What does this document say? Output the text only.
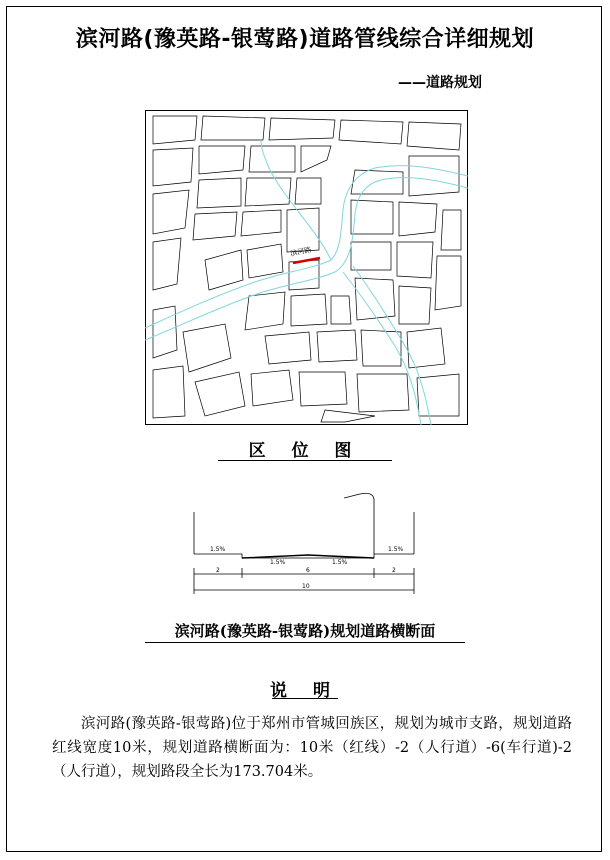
滨河路(豫英路-银莺路)道路管线综合详细规划
——道路规划
滨河路
区 位 图
1.5%
1.5%	1.5%
1.5%
2	6	2
10
滨河路(豫英路-银莺路)规划道路横断面
说 明
滨河路(豫英路-银莺路)位于郑州市管城回族区，规划为城市支路，规划道路红线宽度10米，规划道路横断面为：10米（红线）-2（人行道）-6(车行道)-2（人行道），规划路段全长为173.704米。
